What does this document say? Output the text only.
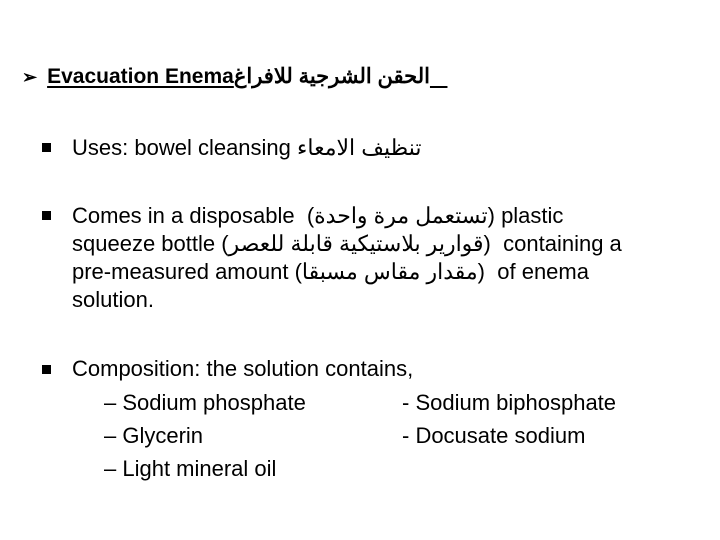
➢ Evacuation Enemaالحقن الشرجية للافراغ
Uses: bowel cleansing تنظيف الامعاء
Comes in a disposable (تستعمل مرة واحدة) plastic
squeeze bottle (قوارير بلاستيكية قابلة للعصر) containing a
pre-measured amount (مقدار مقاس مسبقا) of enema
solution.
Composition: the solution contains,
– Sodium phosphate
– Glycerin
– Light mineral oil
- Sodium biphosphate
- Docusate sodium
